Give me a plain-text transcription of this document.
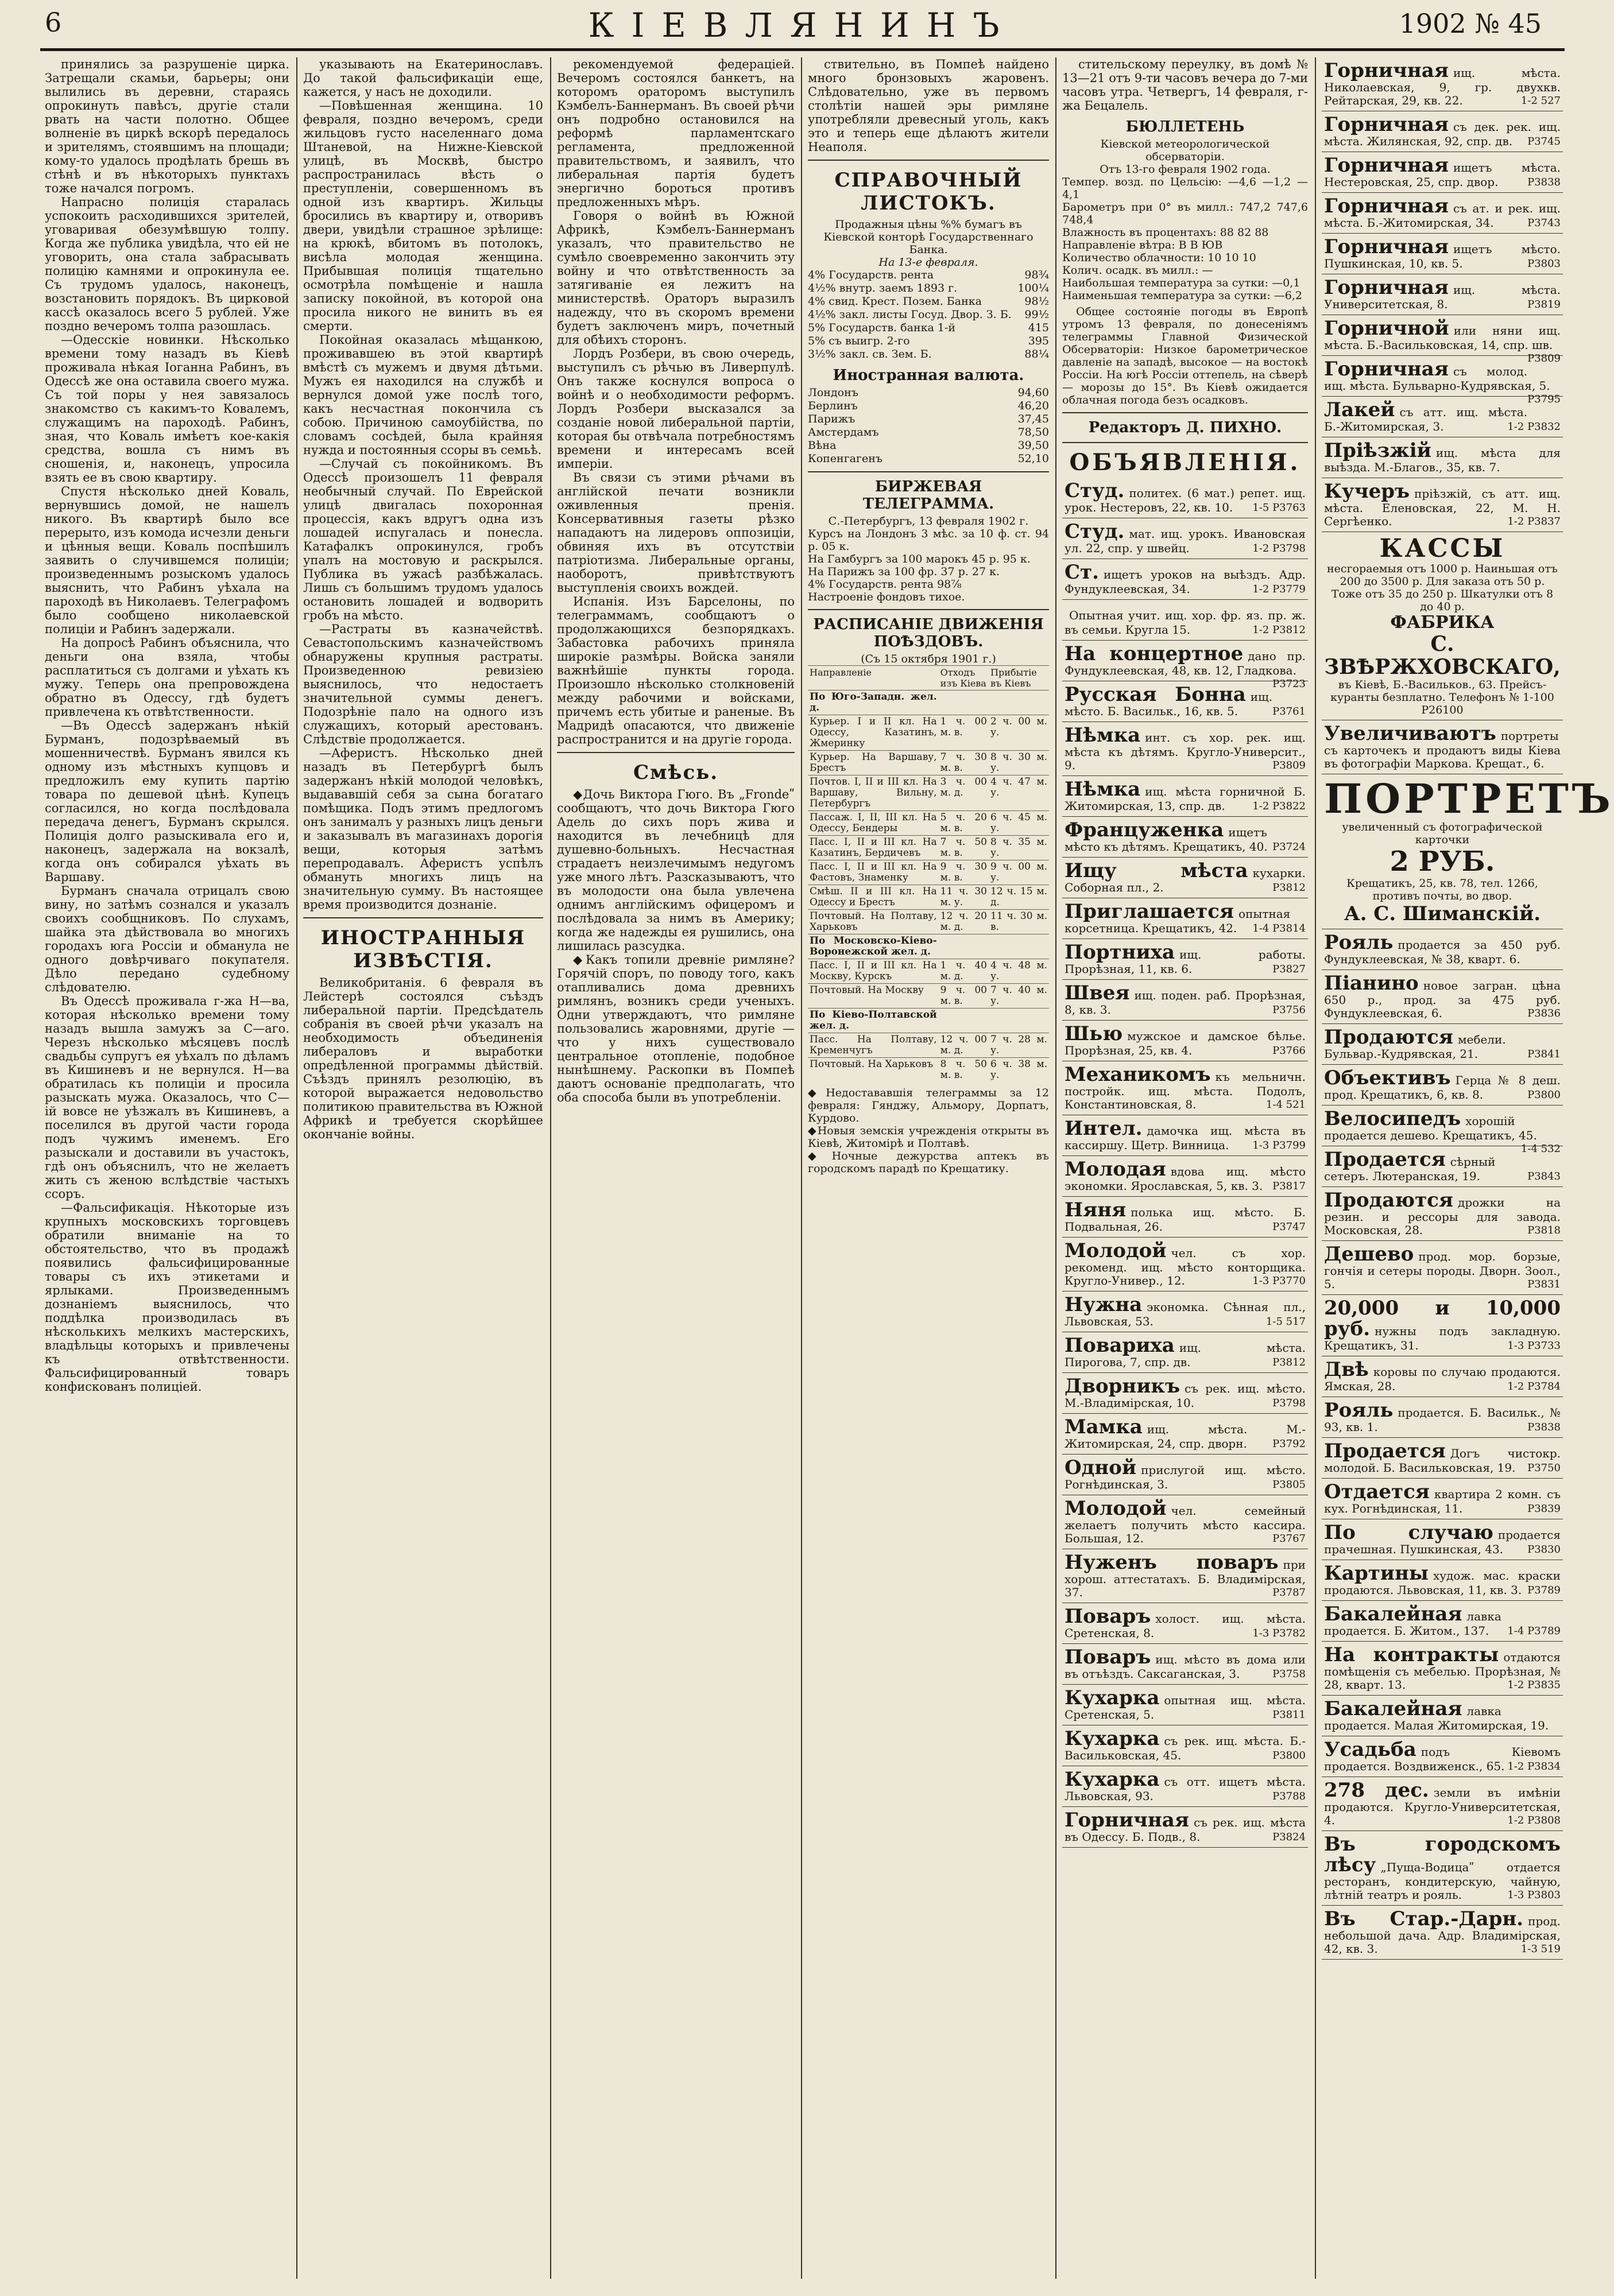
6	КІЕВЛЯНИНЪ	1902 № 45

принялись за разрушеніе цирка. Затрещали скамьи, барьеры; они вылились въ деревни, стараясь опрокинуть павѣсъ, другіе стали рвать на части полотно. Общее волненіе въ циркѣ вскорѣ передалось и зрителямъ, стоявшимъ на площади; кому-то удалось продѣлать брешь въ стѣнѣ и въ нѣкоторыхъ пунктахъ тоже начался погромъ.

Напрасно полиція старалась успокоить расходившихся зрителей, уговаривая обезумѣвшую толпу. Когда же публика увидѣла, что ей не уговорить, она стала забрасывать полицію камнями и опрокинула ее. Съ трудомъ удалось, наконецъ, возстановить порядокъ. Въ цирковой кассѣ оказалось всего 5 рублей. Уже поздно вечеромъ толпа разошлась.

—Одесскіе новинки. Нѣсколько времени тому назадъ въ Кіевѣ проживала нѣкая Іоганна Рабинъ, въ Одессѣ же она оставила своего мужа. Съ той поры у нея завязалось знакомство съ какимъ-то Ковалемъ, служащимъ на пароходѣ. Рабинъ, зная, что Коваль имѣетъ кое-какія средства, вошла съ нимъ въ сношенія, и, наконецъ, упросила взять ее въ свою квартиру.

Спустя нѣсколько дней Коваль, вернувшись домой, не нашелъ никого. Въ квартирѣ было все перерыто, изъ комода исчезли деньги и цѣнныя вещи. Коваль поспѣшилъ заявить о случившемся полиціи; произведеннымъ розыскомъ удалось выяснить, что Рабинъ уѣхала на пароходѣ въ Николаевъ. Телеграфомъ было сообщено николаевской полиціи и Рабинъ задержали.

На допросѣ Рабинъ объяснила, что деньги она взяла, чтобы расплатиться съ долгами и уѣхать къ мужу. Теперь она препровождена обратно въ Одессу, гдѣ будетъ привлечена къ отвѣтственности.

—Въ Одессѣ задержанъ нѣкій Бурманъ, подозрѣваемый въ мошенничествѣ. Бурманъ явился къ одному изъ мѣстныхъ купцовъ и предложилъ ему купить партію товара по дешевой цѣнѣ. Купецъ согласился, но когда послѣдовала передача денегъ, Бурманъ скрылся. Полиція долго разыскивала его и, наконецъ, задержала на вокзалѣ, когда онъ собирался уѣхать въ Варшаву.

Бурманъ сначала отрицалъ свою вину, но затѣмъ сознался и указалъ своихъ сообщниковъ. По слухамъ, шайка эта дѣйствовала во многихъ городахъ юга Россіи и обманула не одного довѣрчиваго покупателя. Дѣло передано судебному слѣдователю.

Въ Одессѣ проживала г-жа Н—ва, которая нѣсколько времени тому назадъ вышла замужъ за С—аго. Черезъ нѣсколько мѣсяцевъ послѣ свадьбы супругъ ея уѣхалъ по дѣламъ въ Кишиневъ и не вернулся. Н—ва обратилась къ полиціи и просила разыскать мужа. Оказалось, что С—ій вовсе не уѣзжалъ въ Кишиневъ, а поселился въ другой части города подъ чужимъ именемъ. Его разыскали и доставили въ участокъ, гдѣ онъ объяснилъ, что не желаетъ жить съ женою вслѣдствіе частыхъ ссоръ.

—Фальсификація. Нѣкоторые изъ крупныхъ московскихъ торговцевъ обратили вниманіе на то обстоятельство, что въ продажѣ появились фальсифицированные товары съ ихъ этикетами и ярлыками. Произведеннымъ дознаніемъ выяснилось, что поддѣлка производилась въ нѣсколькихъ мелкихъ мастерскихъ, владѣльцы которыхъ и привлечены къ отвѣтственности. Фальсифицированный товаръ конфискованъ полиціей.

указывають на Екатеринославъ. До такой фальсификаціи еще, кажется, у насъ не доходили.

—Повѣшенная женщина. 10 февраля, поздно вечеромъ, среди жильцовъ густо населеннаго дома Штаневой, на Нижне-Кіевской улицѣ, въ Москвѣ, быстро распространилась вѣсть о преступленіи, совершенномъ въ одной изъ квартиръ. Жильцы бросились въ квартиру и, отворивъ двери, увидѣли страшное зрѣлище: на крюкѣ, вбитомъ въ потолокъ, висѣла молодая женщина. Прибывшая полиція тщательно осмотрѣла помѣщеніе и нашла записку покойной, въ которой она просила никого не винить въ ея смерти.

Покойная оказалась мѣщанкою, проживавшею въ этой квартирѣ вмѣстѣ съ мужемъ и двумя дѣтьми. Мужъ ея находился на службѣ и вернулся домой уже послѣ того, какъ несчастная покончила съ собою. Причиною самоубійства, по словамъ сосѣдей, была крайняя нужда и постоянныя ссоры въ семьѣ.

—Случай съ покойникомъ. Въ Одессѣ произошелъ 11 февраля необычный случай. По Еврейской улицѣ двигалась похоронная процессія, какъ вдругъ одна изъ лошадей испугалась и понесла. Катафалкъ опрокинулся, гробъ упалъ на мостовую и раскрылся. Публика въ ужасѣ разбѣжалась. Лишь съ большимъ трудомъ удалось остановить лошадей и водворить гробъ на мѣсто.

—Растраты въ казначействѣ. Севастопольскимъ казначействомъ обнаружены крупныя растраты. Произведенною ревизіею выяснилось, что недостаетъ значительной суммы денегъ. Подозрѣніе пало на одного изъ служащихъ, который арестованъ. Слѣдствіе продолжается.

—Аферистъ. Нѣсколько дней назадъ въ Петербургѣ былъ задержанъ нѣкій молодой человѣкъ, выдававшій себя за сына богатаго помѣщика. Подъ этимъ предлогомъ онъ занималъ у разныхъ лицъ деньги и заказывалъ въ магазинахъ дорогія вещи, которыя затѣмъ перепродавалъ. Аферистъ успѣлъ обмануть многихъ лицъ на значительную сумму. Въ настоящее время производится дознаніе.

ИНОСТРАННЫЯ ИЗВѢСТІЯ.

Великобританія. 6 февраля въ Лейстерѣ состоялся съѣздъ либеральной партіи. Предсѣдатель собранія въ своей рѣчи указалъ на необходимость объединенія либераловъ и выработки опредѣленной программы дѣйствій. Съѣздъ принялъ резолюцію, въ которой выражается недовольство политикою правительства въ Южной Африкѣ и требуется скорѣйшее окончаніе войны.

рекомендуемой федераціей. Вечеромъ состоялся банкетъ, на которомъ ораторомъ выступилъ Кэмбелъ-Баннерманъ. Въ своей рѣчи онъ подробно остановился на реформѣ парламентскаго регламента, предложенной правительствомъ, и заявилъ, что либеральная партія будетъ энергично бороться противъ предложенныхъ мѣръ.

Говоря о войнѣ въ Южной Африкѣ, Кэмбелъ-Баннерманъ указалъ, что правительство не сумѣло своевременно закончить эту войну и что отвѣтственность за затягиваніе ея лежитъ на министерствѣ. Ораторъ выразилъ надежду, что въ скоромъ времени будетъ заключенъ миръ, почетный для обѣихъ сторонъ.

Лордъ Розбери, въ свою очередь, выступилъ съ рѣчью въ Ливерпулѣ. Онъ также коснулся вопроса о войнѣ и о необходимости реформъ. Лордъ Розбери высказался за созданіе новой либеральной партіи, которая бы отвѣчала потребностямъ времени и интересамъ всей имперіи.

Въ связи съ этими рѣчами въ англійской печати возникли оживленныя пренія. Консервативныя газеты рѣзко нападаютъ на лидеровъ оппозиціи, обвиняя ихъ въ отсутствіи патріотизма. Либеральные органы, наоборотъ, привѣтствуютъ выступленія своихъ вождей.

Испанія. Изъ Барселоны, по телеграммамъ, сообщаютъ о продолжающихся безпорядкахъ. Забастовка рабочихъ приняла широкіе размѣры. Войска заняли важнѣйшіе пункты города. Произошло нѣсколько столкновеній между рабочими и войсками, причемъ есть убитые и раненые. Въ Мадридѣ опасаются, что движеніе распространится и на другіе города.

Смѣсь.

◆Дочь Виктора Гюго. Въ „Frondeʺ сообщаютъ, что дочь Виктора Гюго Адель до сихъ поръ жива и находится въ лечебницѣ для душевно-больныхъ. Несчастная страдаетъ неизлечимымъ недугомъ уже много лѣтъ. Разсказываютъ, что въ молодости она была увлечена однимъ англійскимъ офицеромъ и послѣдовала за нимъ въ Америку; когда же надежды ея рушились, она лишилась разсудка.

◆Какъ топили древніе римляне? Горячій споръ, по поводу того, какъ отапливались дома древнихъ римлянъ, возникъ среди ученыхъ. Одни утверждаютъ, что римляне пользовались жаровнями, другіе — что у нихъ существовало центральное отопленіе, подобное нынѣшнему. Раскопки въ Помпеѣ даютъ основаніе предполагать, что оба способа были въ употребленіи.

ствительно, въ Помпеѣ найдено много бронзовыхъ жаровенъ. Слѣдовательно, уже въ первомъ столѣтіи нашей эры римляне употребляли древесный уголь, какъ это и теперь еще дѣлаютъ жители Неаполя.

СПРАВОЧНЫЙ ЛИСТОКЪ.
Продажныя цѣны %% бумагъ въ Кіевской конторѣ Государственнаго Банка.
На 13-е февраля.
4% Государств. рента	98¾
4½% внутр. заемъ 1893 г.	100¼
4% свид. Крест. Позем. Банка	98½
4½% закл. листы Госуд. Двор. З. Б. 99½
5% Государств. банка 1-й	415
5% съ выигр. 2-го	395
3½% закл. св. Зем. Б.	88¼
Иностранная валюта.
Лондонъ	94,60
Берлинъ	46,20
Парижъ	37,45
Амстердамъ	78,50
Вѣна	39,50
Копенгагенъ	52,10
БИРЖЕВАЯ ТЕЛЕГРАММА.
С.-Петербургъ, 13 февраля 1902 г.
Курсъ на Лондонъ 3 мѣс. за 10 ф. ст. 94 р. 05 к.
На Гамбургъ за 100 марокъ 45 р. 95 к.
На Парижъ за 100 фр. 37 р. 27 к.
4% Государств. рента 98⅞
Настроеніе фондовъ тихое.
РАСПИСАНІЕ ДВИЖЕНІЯ ПОѢЗДОВЪ.
(Съ 15 октября 1901 г.)
Направленіе	Отходъ изъ Кіева	Прибытіе въ Кіевъ
По Юго-Западн. жел. д.		
Курьер. І и ІІ кл. На Одессу, Казатинъ, Жмеринку	1 ч. 00 м. в.	2 ч. 00 м. у.
Курьер. На Варшаву, Брестъ	7 ч. 30 м. в.	8 ч. 30 м. у.
Почтов. І, ІІ и ІІІ кл. На Варшаву, Вильну, Петербургъ	3 ч. 00 м. д.	4 ч. 47 м. у.
Пассаж. І, ІІ, ІІІ кл. На Одессу, Бендеры	5 ч. 20 м. в.	6 ч. 45 м. у.
Пасс. І, ІІ и ІІІ кл. На Казатинъ, Бердичевъ	7 ч. 50 м. в.	8 ч. 35 м. у.
Пасс. І, ІІ и ІІІ кл. На Фастовъ, Знаменку	9 ч. 30 м. в.	9 ч. 00 м. у.
Смѣш. ІІ и ІІІ кл. На Одессу и Брестъ	11 ч. 30 м. у.	12 ч. 15 м. д.
Почтовый. На Полтаву, Харьковъ	12 ч. 20 м. д.	11 ч. 30 м. в.
По Московско-Кіево-Воронежской жел. д.		
Пасс. І, ІІ и ІІІ кл. На Москву, Курскъ	1 ч. 40 м. д.	4 ч. 48 м. у.
Почтовый. На Москву	9 ч. 00 м. в.	7 ч. 40 м. у.
По Кіево-Полтавской жел. д.		
Пасс. На Полтаву, Кременчугъ	12 ч. 00 м. д.	7 ч. 28 м. у.
Почтовый. На Харьковъ	8 ч. 50 м. в.	6 ч. 38 м. у.
◆Недостававшія телеграммы за 12 февраля: Гянджу, Альмору, Дорпатъ, Курдово.
◆Новыя земскія учрежденія открыты въ Кіевѣ, Житомірѣ и Полтавѣ.
◆Ночные дежурства аптекъ въ городскомъ парадѣ по Крещатику.

стительскому переулку, въ домѣ № 13—21 отъ 9-ти часовъ вечера до 7-ми часовъ утра. Четвергъ, 14 февраля, г-жа Бецалель.

БЮЛЛЕТЕНЬ
Кіевской метеорологической обсерваторіи.
Отъ 13-го февраля 1902 года.
Темпер. возд. по Цельсію: —4,6 —1,2 —4,1
Барометръ при 0° въ милл.: 747,2 747,6 748,4
Влажность въ процентахъ: 88 82 88
Направленіе вѣтра: В В ЮВ
Количество облачности: 10 10 10
Колич. осадк. въ милл.: —
Наибольшая температура за сутки: —0,1
Наименьшая температура за сутки: —6,2

Общее состояніе погоды въ Европѣ утромъ 13 февраля, по донесеніямъ телеграммы Главной Физической Обсерваторіи: Низкое барометрическое давленіе на западѣ, высокое — на востокѣ Россіи. На югѣ Россіи оттепель, на сѣверѣ — морозы до 15°. Въ Кіевѣ ожидается облачная погода безъ осадковъ.

Редакторъ Д. ПИХНО.
ОБЪЯВЛЕНІЯ.
Студ. политех. (6 мат.) репет. ищ. урок. Нестеровъ, 22, кв. 10. 1-5 P3763
Студ. мат. ищ. урокъ. Ивановская ул. 22, спр. у швейц.	1-2 P3798
Ст. ищетъ уроков на выѣздъ. Адр. Фундуклеевская, 34.	1-2 P3779
Опытная учит. ищ. хор. фр. яз. пр. ж. въ семьи. Кругла 15.	1-2 P3812
На концертное дано пр. Фундуклеевская, 48, кв. 12, Гладкова.
P3723
Русская Бонна ищ. мѣсто. Б. Васильк., 16, кв. 5.	P3761
Нѣмка инт. съ хор. рек. ищ. мѣста къ дѣтямъ. Кругло-Университ., 9.	P3809
Нѣмка ищ. мѣста горничной Б. Житомирская, 13, спр. дв.	1-2 P3822
Француженка ищетъ мѣсто къ дѣтямъ. Крещатикъ, 40. P3724
Ищу мѣста кухарки. Соборная пл., 2.	P3812
Приглашается опытная корсетница. Крещатикъ, 42. 1-4 P3814
Портниха ищ. работы. Прорѣзная, 11, кв. 6.	P3827
Швея ищ. поден. раб. Прорѣзная, 8, кв. 3.	P3756
Шью мужское и дамское бѣлье. Прорѣзная, 25, кв. 4.	P3766
Механикомъ къ мельничн. постройк. ищ. мѣста. Подолъ, Константиновская, 8.	1-4 521
Интел. дамочка ищ. мѣста въ кассиршу. Щетр. Винница. 1-3 P3799
Молодая вдова ищ. мѣсто экономки. Ярославская, 5, кв. 3. P3817
Няня полька ищ. мѣсто. Б. Подвальная, 26.	P3747
Молодой чел. съ хор. рекоменд. ищ. мѣсто конторщика. Кругло-Универ., 12.	1-3 P3770
Нужна экономка. Сѣнная пл., Львовская, 53.	1-5 517
Повариха ищ. мѣста. Пирогова, 7, спр. дв.	P3812
Дворникъ съ рек. ищ. мѣсто. М.-Владимірская, 10.	P3798
Мамка ищ. мѣста. М.-Житомирская, 24, спр. дворн. P3792
Одной прислугой ищ. мѣсто. Рогнѣдинская, 3.	P3805
Молодой чел. семейный желаетъ получить мѣсто кассира. Большая, 12.	P3767
Нуженъ поваръ при хорош. аттестатахъ. Б. Владимірская, 37.	P3787
Поваръ холост. ищ. мѣста. Сретенская, 8.	1-3 P3782
Поваръ ищ. мѣсто въ дома или въ отъѣздъ. Саксаганская, 3.	P3758
Кухарка опытная ищ. мѣста. Сретенская, 5.	P3811
Кухарка съ рек. ищ. мѣста. Б.-Васильковская, 45.	P3800
Кухарка съ отт. ищетъ мѣста. Львовская, 93.	P3788
Горничная съ рек. ищ. мѣста въ Одессу. Б. Подв., 8.	P3824
Горничная ищ. мѣста. Николаевская, 9, гр. двухкв. Рейтарская, 29, кв. 22.	1-2 527
Горничная съ дек. рек. ищ. мѣста. Жилянская, 92, спр. дв. P3745
Горничная ищетъ мѣста. Нестеровская, 25, спр. двор.	P3838
Горничная съ ат. и рек. ищ. мѣста. Б.-Житомирская, 34.	P3743
Горничная ищетъ мѣсто. Пушкинская, 10, кв. 5.	P3803
Горничная ищ. мѣста. Университетская, 8.	P3819
Горничной или няни ищ. мѣста. Б.-Васильковская, 14, спр. шв.
P3809
Горничная съ молод. ищ. мѣста. Бульварно-Кудрявская, 5.
P3795
Лакей съ атт. ищ. мѣста. Б.-Житомирская, 3.	1-2 P3832
Пріѣзжій ищ. мѣста для выѣзда. М.-Благов., 35, кв. 7.
Кучеръ пріѣзжій, съ атт. ищ. мѣста. Еленовская, 22, М. Н. Сергѣенко.	1-2 P3837
КАССЫ
несгораемыя отъ 1000 р. Наиньшая отъ 200 до 3500 р. Для заказа отъ 50 р. Тоже отъ 35 до 250 р. Шкатулки отъ 8 до 40 р.
ФАБРИКА
С. ЗВѢРЖХОВСКАГО,
въ Кіевѣ, Б.-Васильков., 63. Прейсъ-куранты безплатно. Телефонъ № 1-100 P26100
Увеличиваютъ портреты съ карточекъ и продаютъ виды Кіева въ фотографіи Маркова. Крещат., 6.
ПОРТРЕТЪ
увеличенный съ фотографической карточки
2 РУБ.
Крещатикъ, 25, кв. 78, тел. 1266, противъ почты, во двор.
А. С. Шиманскій.
Рояль продается за 450 руб. Фундуклеевская, № 38, кварт. 6.
Піанино новое загран. цѣна 650 р., прод. за 475 руб. Фундуклеевская, 6.	P3836
Продаются мебели. Бульвар.-Кудрявская, 21.	P3841
Объективъ Герца № 8 деш. прод. Крещатикъ, 6, кв. 8.	P3800
Велосипедъ хорошій продается дешево. Крещатикъ, 45.
1-4 532
Продается сѣрный сетеръ. Лютеранская, 19.	P3843
Продаются дрожки на резин. и рессоры для завода. Московская, 28.	P3818
Дешево прод. мор. борзые, гончія и сетеры породы. Дворн. Зоол., 5.	P3831
20,000 и 10,000 руб. нужны подъ закладную. Крещатикъ, 31.	1-3 P3733
Двѣ коровы по случаю продаются. Ямская, 28.	1-2 P3784
Рояль продается. Б. Васильк., № 93, кв. 1.	P3838
Продается Догъ чистокр. молодой. Б. Васильковская, 19. P3750
Отдается квартира 2 комн. съ кух. Рогнѣдинская, 11.	P3839
По случаю продается прачешная. Пушкинская, 43. P3830
Картины худож. мас. краски продаются. Львовская, 11, кв. 3. P3789
Бакалейная лавка продается. Б. Житом., 137. 1-4 P3789
На контракты отдаются помѣщенія съ мебелью. Прорѣзная, № 28, кварт. 13.	1-2 P3835
Бакалейная лавка продается. Малая Житомирская, 19.
Усадьба подъ Кіевомъ продается. Воздвиженск., 65. 1-2 P3834
278 дес. земли въ имѣніи продаются. Кругло-Университетская, 4.	1-2 P3808
Въ городскомъ лѣсу „Пуща-Водицаʺ отдается ресторанъ, кондитерскую, чайную, лѣтній театръ и рояль.	1-3 P3803
Въ Стар.-Дарн. прод. небольшой дача. Адр. Владимірская, 42, кв. 3.	1-3 519
